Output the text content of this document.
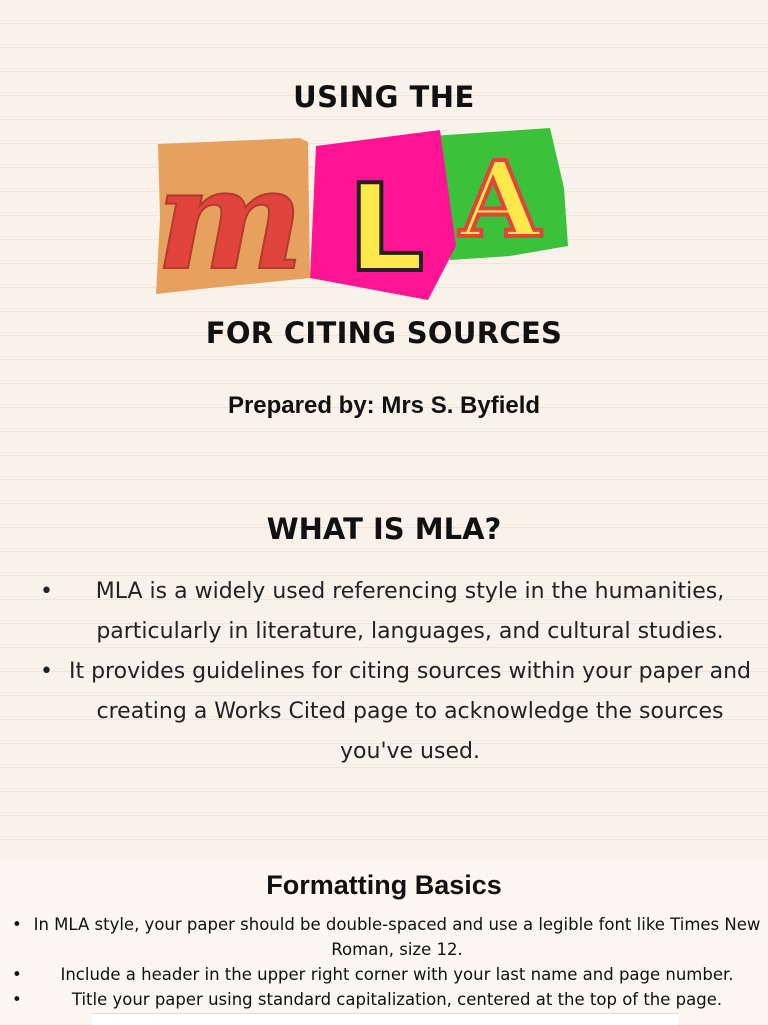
USING THE
m L A
FOR CITING SOURCES
Prepared by: Mrs S. Byfield
WHAT IS MLA?
• MLA is a widely used referencing style in the humanities, particularly in literature, languages, and cultural studies.
• It provides guidelines for citing sources within your paper and creating a Works Cited page to acknowledge the sources you've used.
Formatting Basics
• In MLA style, your paper should be double-spaced and use a legible font like Times New Roman, size 12.
• Include a header in the upper right corner with your last name and page number.
•	Title your paper using standard capitalization, centered at the top of the page.
